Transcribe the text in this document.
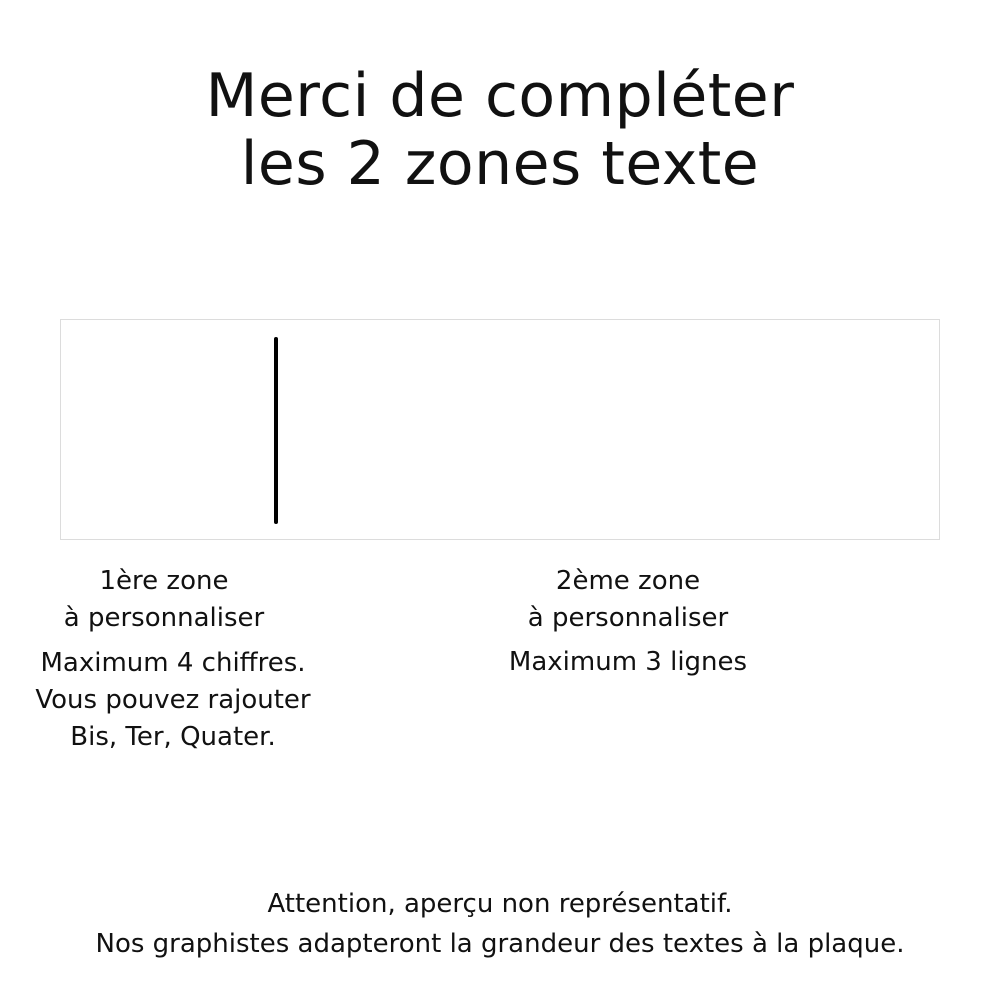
Merci de compléter
les 2 zones texte

1ère zone
à personnaliser

Maximum 4 chiffres.
Vous pouvez rajouter
Bis, Ter, Quater.

2ème zone
à personnaliser

Maximum 3 lignes

Attention, aperçu non représentatif.
Nos graphistes adapteront la grandeur des textes à la plaque.
